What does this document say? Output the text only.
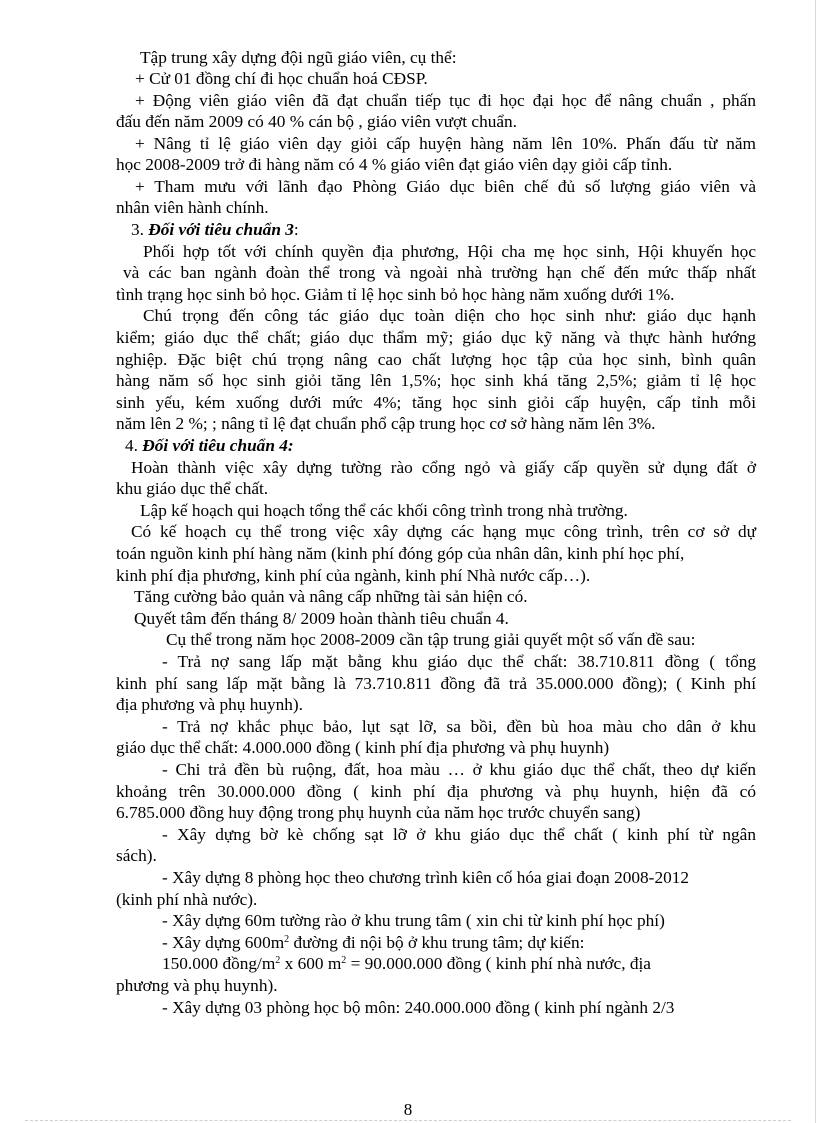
Tập trung xây dựng đội ngũ giáo viên, cụ thể:
+ Cử 01 đồng chí đi học chuẩn hoá CĐSP.
+ Động viên giáo viên đã đạt chuẩn tiếp tục đi học đại học để nâng chuẩn , phấn
đấu đến năm 2009 có 40 % cán bộ , giáo viên vượt chuẩn.
+ Nâng tỉ lệ giáo viên dạy giỏi cấp huyện hàng năm lên 10%. Phấn đấu từ năm
học 2008-2009 trở đi hàng năm có 4 % giáo viên đạt giáo viên dạy giỏi cấp tỉnh.
+ Tham mưu với lãnh đạo Phòng Giáo dục biên chế đủ số lượng giáo viên và
nhân viên hành chính.
3. Đối với tiêu chuẩn 3:
Phối hợp tốt với chính quyền địa phương, Hội cha mẹ học sinh, Hội khuyến học
và các ban ngành đoàn thể trong và ngoài nhà trường hạn chế đến mức thấp nhất
tình trạng học sinh bỏ học. Giảm tỉ lệ học sinh bỏ học hàng năm xuống dưới 1%.
Chú trọng đến công tác giáo dục toàn diện cho học sinh như: giáo dục hạnh
kiểm; giáo dục thể chất; giáo dục thẩm mỹ; giáo dục kỹ năng và thực hành hướng
nghiệp. Đặc biệt chú trọng nâng cao chất lượng học tập của học sinh, bình quân
hàng năm số học sinh giỏi tăng lên 1,5%; học sinh khá tăng 2,5%; giảm tỉ lệ học
sinh yếu, kém xuống dưới mức 4%; tăng học sinh giỏi cấp huyện, cấp tỉnh mỗi
năm lên 2 %; ; nâng tỉ lệ đạt chuẩn phổ cập trung học cơ sở hàng năm lên 3%.
4. Đối với tiêu chuẩn 4:
Hoàn thành việc xây dựng tường rào cổng ngỏ và giấy cấp quyền sử dụng đất ở
khu giáo dục thể chất.
Lập kế hoạch qui hoạch tổng thể các khối công trình trong nhà trường.
Có kế hoạch cụ thể trong việc xây dựng các hạng mục công trình, trên cơ sở dự
toán nguồn kinh phí hàng năm (kinh phí đóng góp của nhân dân, kinh phí học phí,
kinh phí địa phương, kinh phí của ngành, kinh phí Nhà nước cấp…).
Tăng cường bảo quản và nâng cấp những tài sản hiện có.
Quyết tâm đến tháng 8/ 2009 hoàn thành tiêu chuẩn 4.
Cụ thể trong năm học 2008-2009 cần tập trung giải quyết một số vấn đề sau:
- Trả nợ sang lấp mặt bằng khu giáo dục thể chất: 38.710.811 đồng ( tổng
kinh phí sang lấp mặt bằng là 73.710.811 đồng đã trả 35.000.000 đồng); ( Kinh phí
địa phương và phụ huynh).
- Trả nợ khắc phục bảo, lụt sạt lỡ, sa bồi, đền bù hoa màu cho dân ở khu
giáo dục thể chất: 4.000.000 đồng ( kinh phí địa phương và phụ huynh)
- Chi trả đền bù ruộng, đất, hoa màu … ở khu giáo dục thể chất, theo dự kiến
khoảng trên 30.000.000 đồng ( kinh phí địa phương và phụ huynh, hiện đã có
6.785.000 đồng huy động trong phụ huynh của năm học trước chuyển sang)
- Xây dựng bờ kè chống sạt lỡ ở khu giáo dục thể chất ( kinh phí từ ngân
sách).
- Xây dựng 8 phòng học theo chương trình kiên cố hóa giai đoạn 2008-2012
(kinh phí nhà nước).
- Xây dựng 60m tường rào ở khu trung tâm ( xin chi từ kinh phí học phí)
- Xây dựng $600m^2$ đường đi nội bộ ở khu trung tâm; dự kiến:
150.000 đồng/$m^2$ x 600 $m^2 = 90.000.000$ đồng ( kinh phí nhà nước, địa
phương và phụ huynh).
- Xây dựng 03 phòng học bộ môn: 240.000.000 đồng ( kinh phí ngành 2/3
8
